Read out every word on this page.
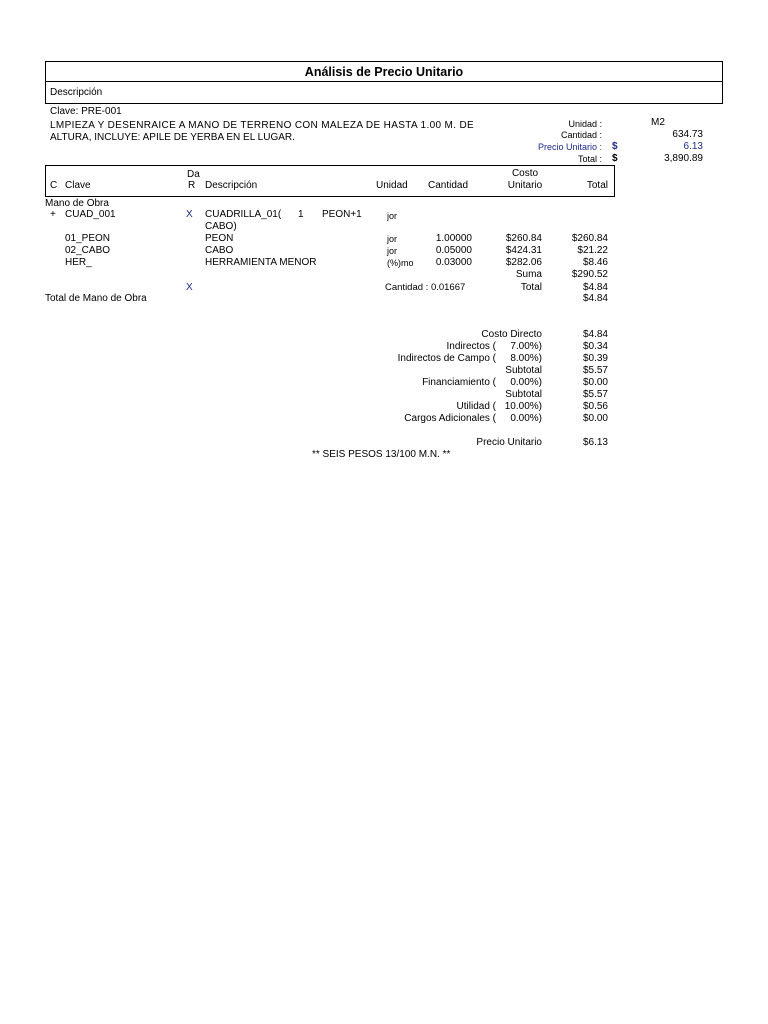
Análisis de Precio Unitario
Descripción
Clave: PRE-001
LMPIEZA Y DESENRAICE A MANO DE TERRENO CON MALEZA DE HASTA 1.00 M. DE
ALTURA, INCLUYE: APILE DE YERBA EN EL LUGAR.
Unidad :	M2
Cantidad :	634.73
Precio Unitario : $	6.13
Total : $	3,890.89
C Clave
Da
R Descripción	Unidad Cantidad
Costo
Unitario	Total
Mano de Obra
+ CUAD_001	X CUADRILLA_01( 1 PEON+1	jor
CABO)
01_PEON	PEON	jor	1.00000	$260.84	$260.84
02_CABO	CABO	jor	0.05000	$424.31	$21.22
HER_	HERRAMIENTA MENOR	(%)mo	0.03000	$282.06	$8.46
Suma	$290.52
X	Cantidad : 0.01667	Total	$4.84
Total de Mano de Obra	$4.84
Costo Directo	$4.84
Indirectos (	7.00%)	$0.34
Indirectos de Campo (	8.00%)	$0.39
Subtotal	$5.57
Financiamiento (	0.00%)	$0.00
Subtotal	$5.57
Utilidad ( 10.00%)	$0.56
Cargos Adicionales (	0.00%)	$0.00
Precio Unitario	$6.13
** SEIS PESOS 13/100 M.N. **
